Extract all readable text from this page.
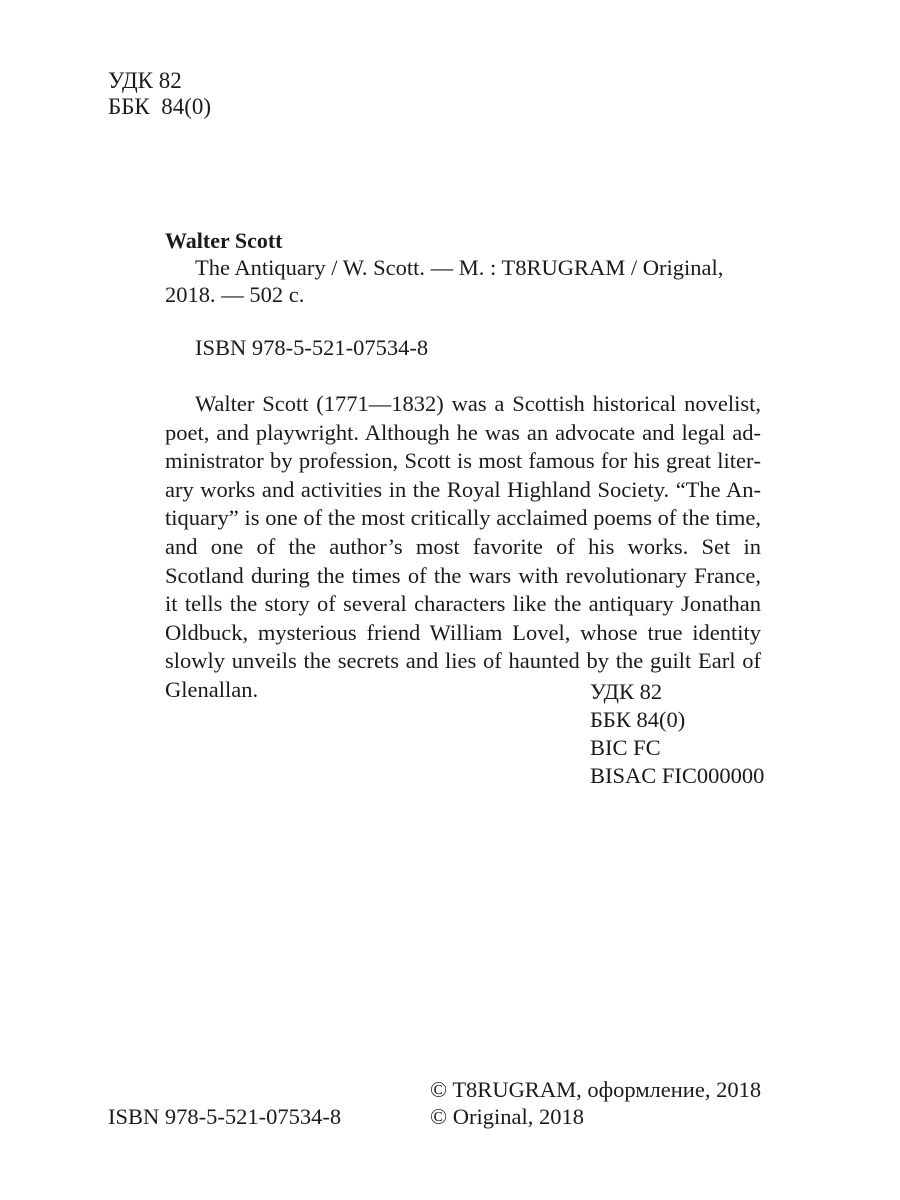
УДК 82
ББК  84(0)
Walter Scott

The Antiquary / W. Scott. — M. : T8RUGRAM / Original, 2018. — 502 c.

ISBN 978-5-521-07534-8

Walter Scott (1771—1832) was a Scottish historical novelist, poet, and playwright. Although he was an advocate and legal administrator by profession, Scott is most famous for his great literary works and activities in the Royal Highland Society. “The Antiquary” is one of the most critically acclaimed poems of the time, and one of the author’s most favorite of his works. Set in Scotland during the times of the wars with revolutionary France, it tells the story of several characters like the antiquary Jonathan Oldbuck, mysterious friend William Lovel, whose true identity slowly unveils the secrets and lies of haunted by the guilt Earl of Glenallan.	УДК 82
ББК 84(0)
BIC FC
BISAC FIC000000
ISBN 978-5-521-07534-8
© T8RUGRAM, оформление, 2018
© Original, 2018
